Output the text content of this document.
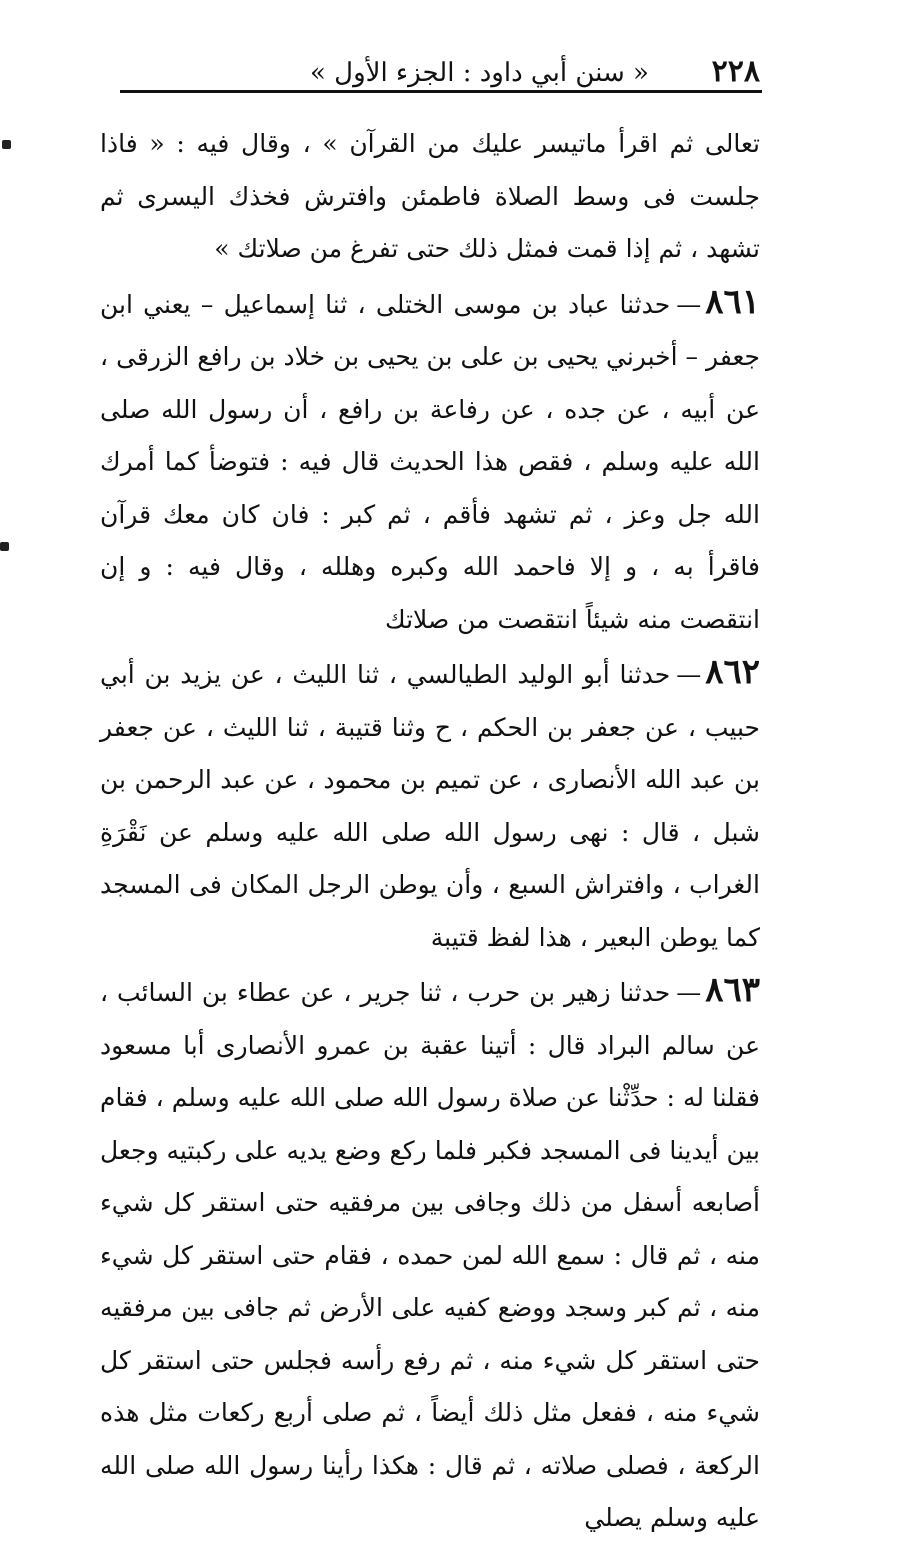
٢٢٨
« سنن أبي داود : الجزء الأول »

تعالى ثم اقرأ ماتيسر عليك من القرآن » ، وقال فيه : « فاذا جلست فى وسط الصلاة فاطمئن وافترش فخذك اليسرى ثم تشهد ، ثم إذا قمت فمثل ذلك حتى تفرغ من صلاتك »

٨٦١—حدثنا عباد بن موسى الختلى ، ثنا إسماعيل – يعني ابن جعفر – أخبرني يحيى بن على بن يحيى بن خلاد بن رافع الزرقى ، عن أبيه ، عن جده ، عن رفاعة بن رافع ، أن رسول الله صلى الله عليه وسلم ، فقص هذا الحديث قال فيه : فتوضأ كما أمرك الله جل وعز ، ثم تشهد فأقم ، ثم كبر : فان كان معك قرآن فاقرأ به ، و إلا فاحمد الله وكبره وهلله ، وقال فيه : و إن انتقصت منه شيئاً انتقصت من صلاتك

٨٦٢—حدثنا أبو الوليد الطيالسي ، ثنا الليث ، عن يزيد بن أبي حبيب ، عن جعفر بن الحكم ، ح وثنا قتيبة ، ثنا الليث ، عن جعفر بن عبد الله الأنصارى ، عن تميم بن محمود ، عن عبد الرحمن بن شبل ، قال : نهى رسول الله صلى الله عليه وسلم عن نَقْرَةِ الغراب ، وافتراش السبع ، وأن يوطن الرجل المكان فى المسجد كما يوطن البعير ، هذا لفظ قتيبة

٨٦٣—حدثنا زهير بن حرب ، ثنا جرير ، عن عطاء بن السائب ، عن سالم البراد قال : أتينا عقبة بن عمرو الأنصارى أبا مسعود فقلنا له : حدِّثْنا عن صلاة رسول الله صلى الله عليه وسلم ، فقام بين أيدينا فى المسجد فكبر فلما ركع وضع يديه على ركبتيه وجعل أصابعه أسفل من ذلك وجافى بين مرفقيه حتى استقر كل شيء منه ، ثم قال : سمع الله لمن حمده ، فقام حتى استقر كل شيء منه ، ثم كبر وسجد ووضع كفيه على الأرض ثم جافى بين مرفقيه حتى استقر كل شيء منه ، ثم رفع رأسه فجلس حتى استقر كل شيء منه ، ففعل مثل ذلك أيضاً ، ثم صلى أربع ركعات مثل هذه الركعة ، فصلى صلاته ، ثم قال : هكذا رأينا رسول الله صلى الله عليه وسلم يصلي
